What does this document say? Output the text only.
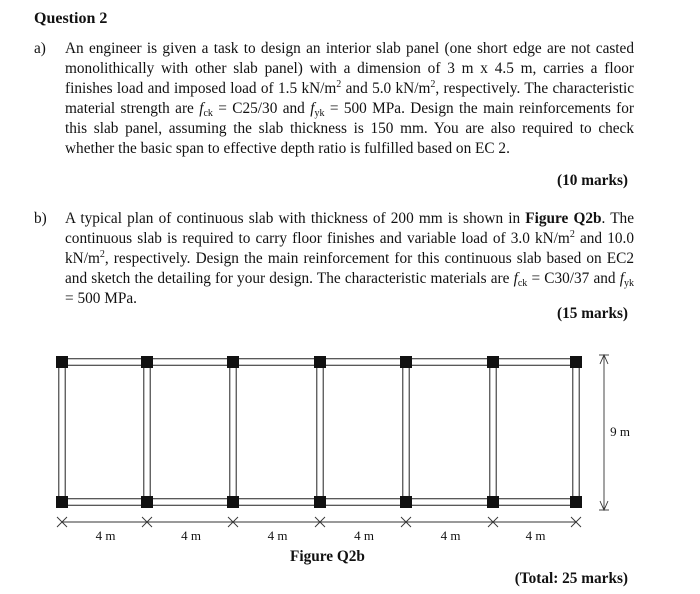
Question 2
a) An engineer is given a task to design an interior slab panel (one short edge are not casted monolithically with other slab panel) with a dimension of 3 m x 4.5 m, carries a floor finishes load and imposed load of 1.5 $kN/m^2$ and 5.0 $kN/m^2$, respectively. The characteristic material strength are $f_{ck} = C25/30$ and $f_{yk} = 500$ MPa. Design the main reinforcements for this slab panel, assuming the slab thickness is 150 mm. You are also required to check whether the basic span to effective depth ratio is fulfilled based on EC 2.
(10 marks)
b) A typical plan of continuous slab with thickness of 200 mm is shown in Figure Q2b. The continuous slab is required to carry floor finishes and variable load of 3.0 $kN/m^2$ and 10.0 $kN/m^2$, respectively. Design the main reinforcement for this continuous slab based on EC2 and sketch the detailing for your design. The characteristic materials are $f_{ck} = C30/37$ and $f_{yk} = 500$ MPa.
(15 marks)
4 m	4 m	4 m	4 m	4 m	4 m
9 m
Figure Q2b
(Total: 25 marks)
